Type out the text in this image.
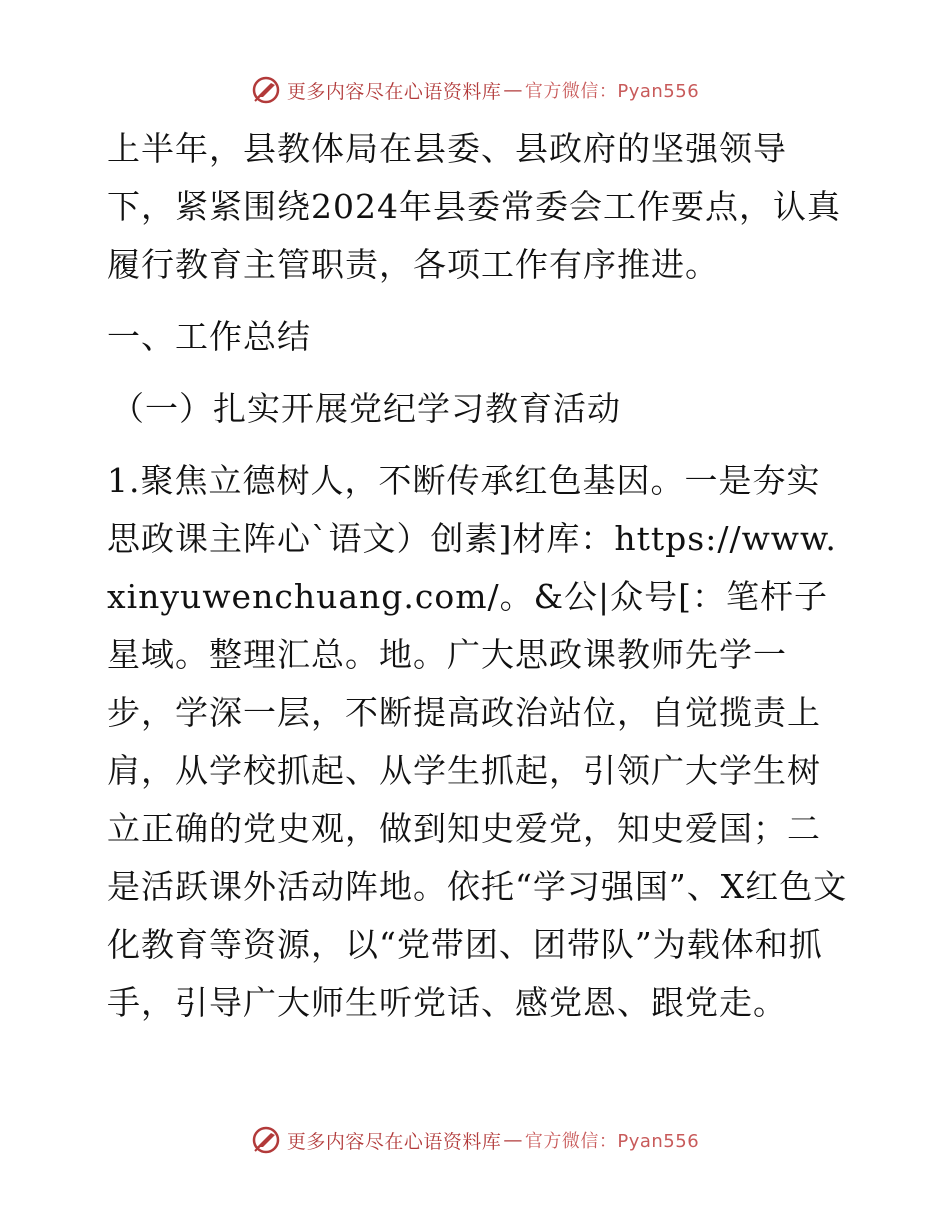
更多内容尽在心语资料库 — 官方微信：Pyan556

上半年，县教体局在县委、县政府的坚强领导下，紧紧围绕2024年县委常委会工作要点，认真履行教育主管职责，各项工作有序推进。

一、工作总结

（一）扎实开展党纪学习教育活动

1.聚焦立德树人，不断传承红色基因。一是夯实思政课主阵心`语文）创素]材库：https://www.xinyuwenchuang.com/。&公|众号[：笔杆子星域。整理汇总。地。广大思政课教师先学一步，学深一层，不断提高政治站位，自觉揽责上肩，从学校抓起、从学生抓起，引领广大学生树立正确的党史观，做到知史爱党，知史爱国；二是活跃课外活动阵地。依托“学习强国”、X红色文化教育等资源，以“党带团、团带队”为载体和抓手，引导广大师生听党话、感党恩、跟党走。

更多内容尽在心语资料库 — 官方微信：Pyan556
